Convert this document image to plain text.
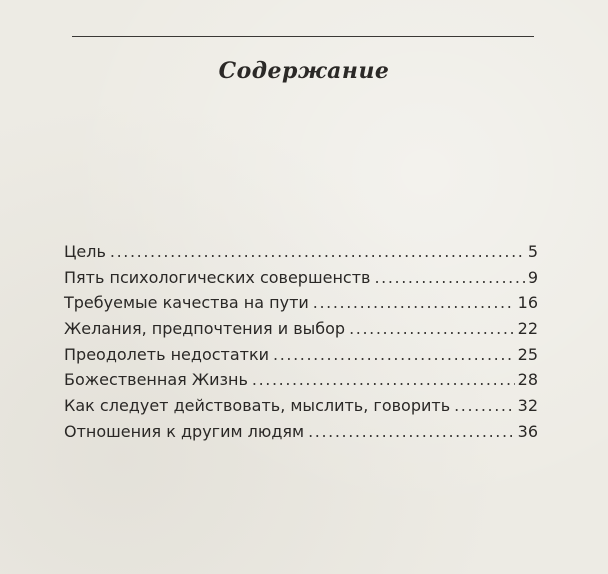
Содержание
Цель .....	5
Пять психологических совершенств .....	9
Требуемые качества на пути .....	16
Желания, предпочтения и выбор .....	22
Преодолеть недостатки .....	25
Божественная Жизнь .....	28
Как следует действовать, мыслить, говорить .....	32
Отношения к другим людям .....	36
